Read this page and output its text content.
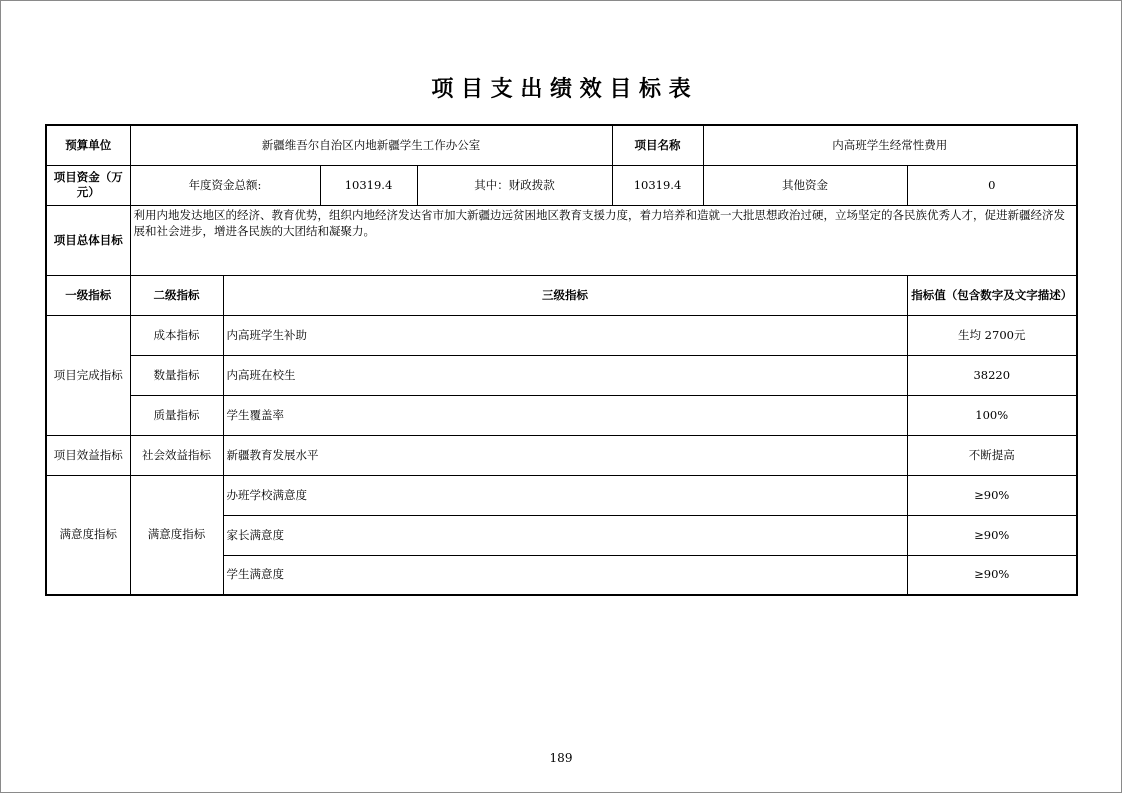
项 目 支 出 绩 效 目 标 表
预算单位	新疆维吾尔自治区内地新疆学生工作办公室				项目名称	内高班学生经常性费用	
项目资金（万元）	年度资金总额:		10319.4	其中：财政拨款	10319.4	其他资金	0
项目总体目标	利用内地发达地区的经济、教育优势，组织内地经济发达省市加大新疆边远贫困地区教育支援力度，着力培养和造就一大批思想政治过硬，立场坚定的各民族优秀人才，促进新疆经济发展和社会进步，增进各民族的大团结和凝聚力。						
一级指标	二级指标	三级指标					指标值（包含数字及文字描述）
项目完成指标	成本指标	内高班学生补助					生均 2700元
	数量指标	内高班在校生					38220
	质量指标	学生覆盖率					100%
项目效益指标	社会效益指标	新疆教育发展水平					不断提高
满意度指标	满意度指标	办班学校满意度					≥90%
		家长满意度					≥90%
		学生满意度					≥90%
189
